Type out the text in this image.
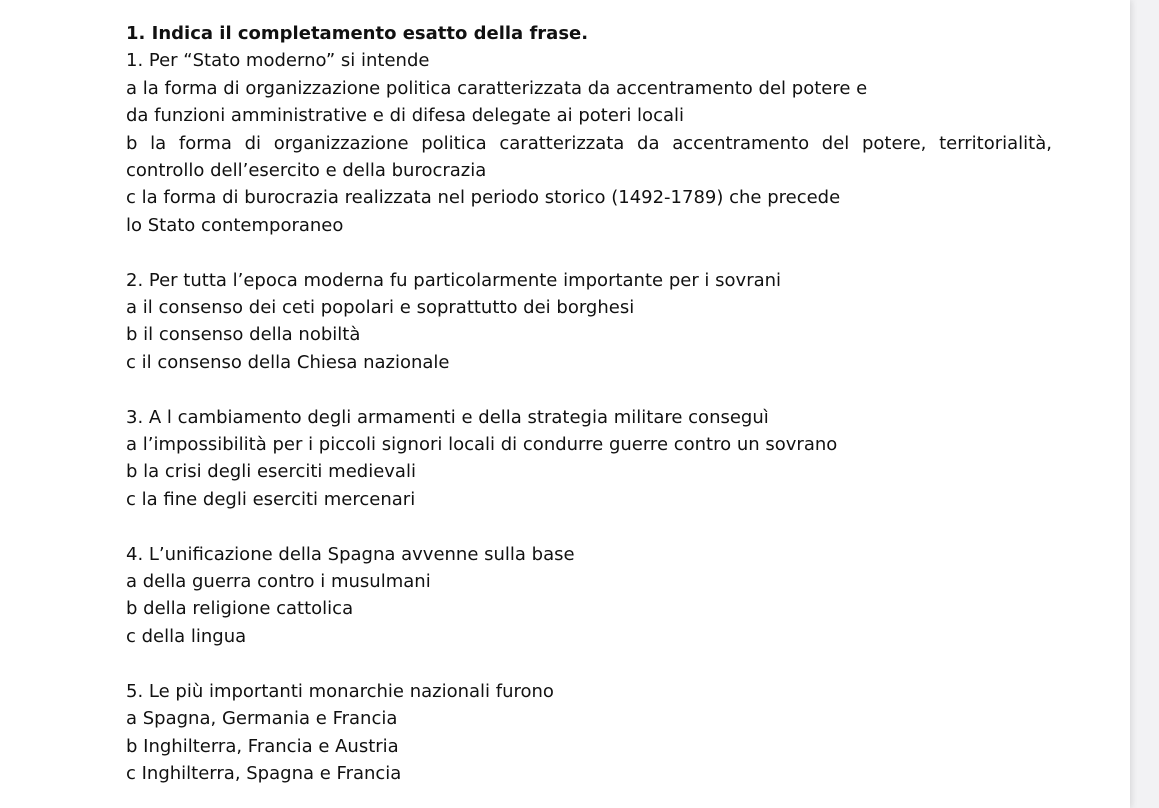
1. Indica il completamento esatto della frase.

1. Per “Stato moderno” si intende

a la forma di organizzazione politica caratterizzata da accentramento del potere e

da funzioni amministrative e di difesa delegate ai poteri locali

b la forma di organizzazione politica caratterizzata da accentramento del potere, territorialità,

controllo dell’esercito e della burocrazia

c la forma di burocrazia realizzata nel periodo storico (1492-1789) che precede

lo Stato contemporaneo

2. Per tutta l’epoca moderna fu particolarmente importante per i sovrani

a il consenso dei ceti popolari e soprattutto dei borghesi

b il consenso della nobiltà

c il consenso della Chiesa nazionale

3. A l cambiamento degli armamenti e della strategia militare conseguì

a l’impossibilità per i piccoli signori locali di condurre guerre contro un sovrano

b la crisi degli eserciti medievali

c la fine degli eserciti mercenari

4. L’unificazione della Spagna avvenne sulla base

a della guerra contro i musulmani

b della religione cattolica

c della lingua

5. Le più importanti monarchie nazionali furono

a Spagna, Germania e Francia

b Inghilterra, Francia e Austria

c Inghilterra, Spagna e Francia
